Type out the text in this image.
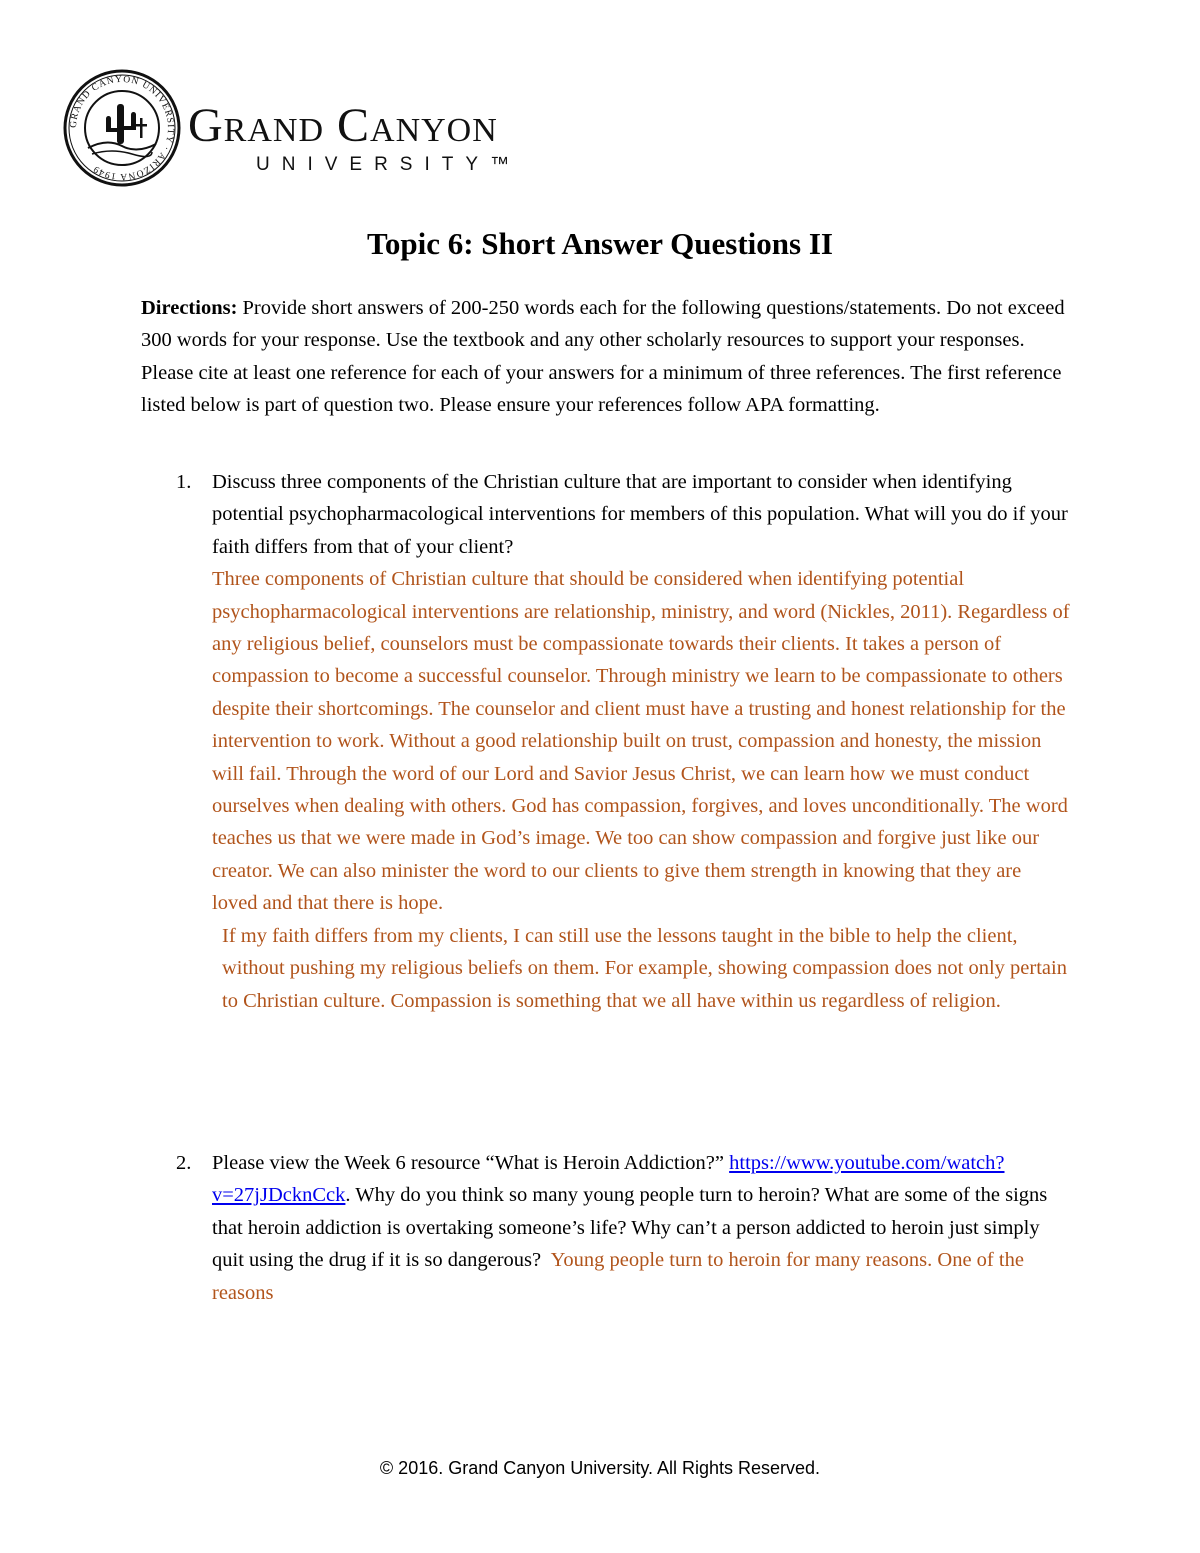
GRAND CANYON UNIVERSITY · ARIZONA 1949
Grand Canyon
UNIVERSITY™
Topic 6: Short Answer Questions II
Directions: Provide short answers of 200-250 words each for the following questions/statements. Do not exceed 300 words for your response. Use the textbook and any other scholarly resources to support your responses. Please cite at least one reference for each of your answers for a minimum of three references. The first reference listed below is part of question two. Please ensure your references follow APA formatting.
1. Discuss three components of the Christian culture that are important to consider when identifying potential psychopharmacological interventions for members of this population. What will you do if your faith differs from that of your client?
Three components of Christian culture that should be considered when identifying potential psychopharmacological interventions are relationship, ministry, and word (Nickles, 2011). Regardless of any religious belief, counselors must be compassionate towards their clients. It takes a person of compassion to become a successful counselor. Through ministry we learn to be compassionate to others despite their shortcomings. The counselor and client must have a trusting and honest relationship for the intervention to work. Without a good relationship built on trust, compassion and honesty, the mission will fail. Through the word of our Lord and Savior Jesus Christ, we can learn how we must conduct ourselves when dealing with others. God has compassion, forgives, and loves unconditionally. The word teaches us that we were made in God’s image. We too can show compassion and forgive just like our creator. We can also minister the word to our clients to give them strength in knowing that they are loved and that there is hope.
If my faith differs from my clients, I can still use the lessons taught in the bible to help the client, without pushing my religious beliefs on them. For example, showing compassion does not only pertain to Christian culture. Compassion is something that we all have within us regardless of religion.
2. Please view the Week 6 resource “What is Heroin Addiction?” https://www.youtube.com/watch?v=27jJDcknCck. Why do you think so many young people turn to heroin? What are some of the signs that heroin addiction is overtaking someone’s life? Why can’t a person addicted to heroin just simply quit using the drug if it is so dangerous? Young people turn to heroin for many reasons. One of the reasons
© 2016. Grand Canyon University. All Rights Reserved.
